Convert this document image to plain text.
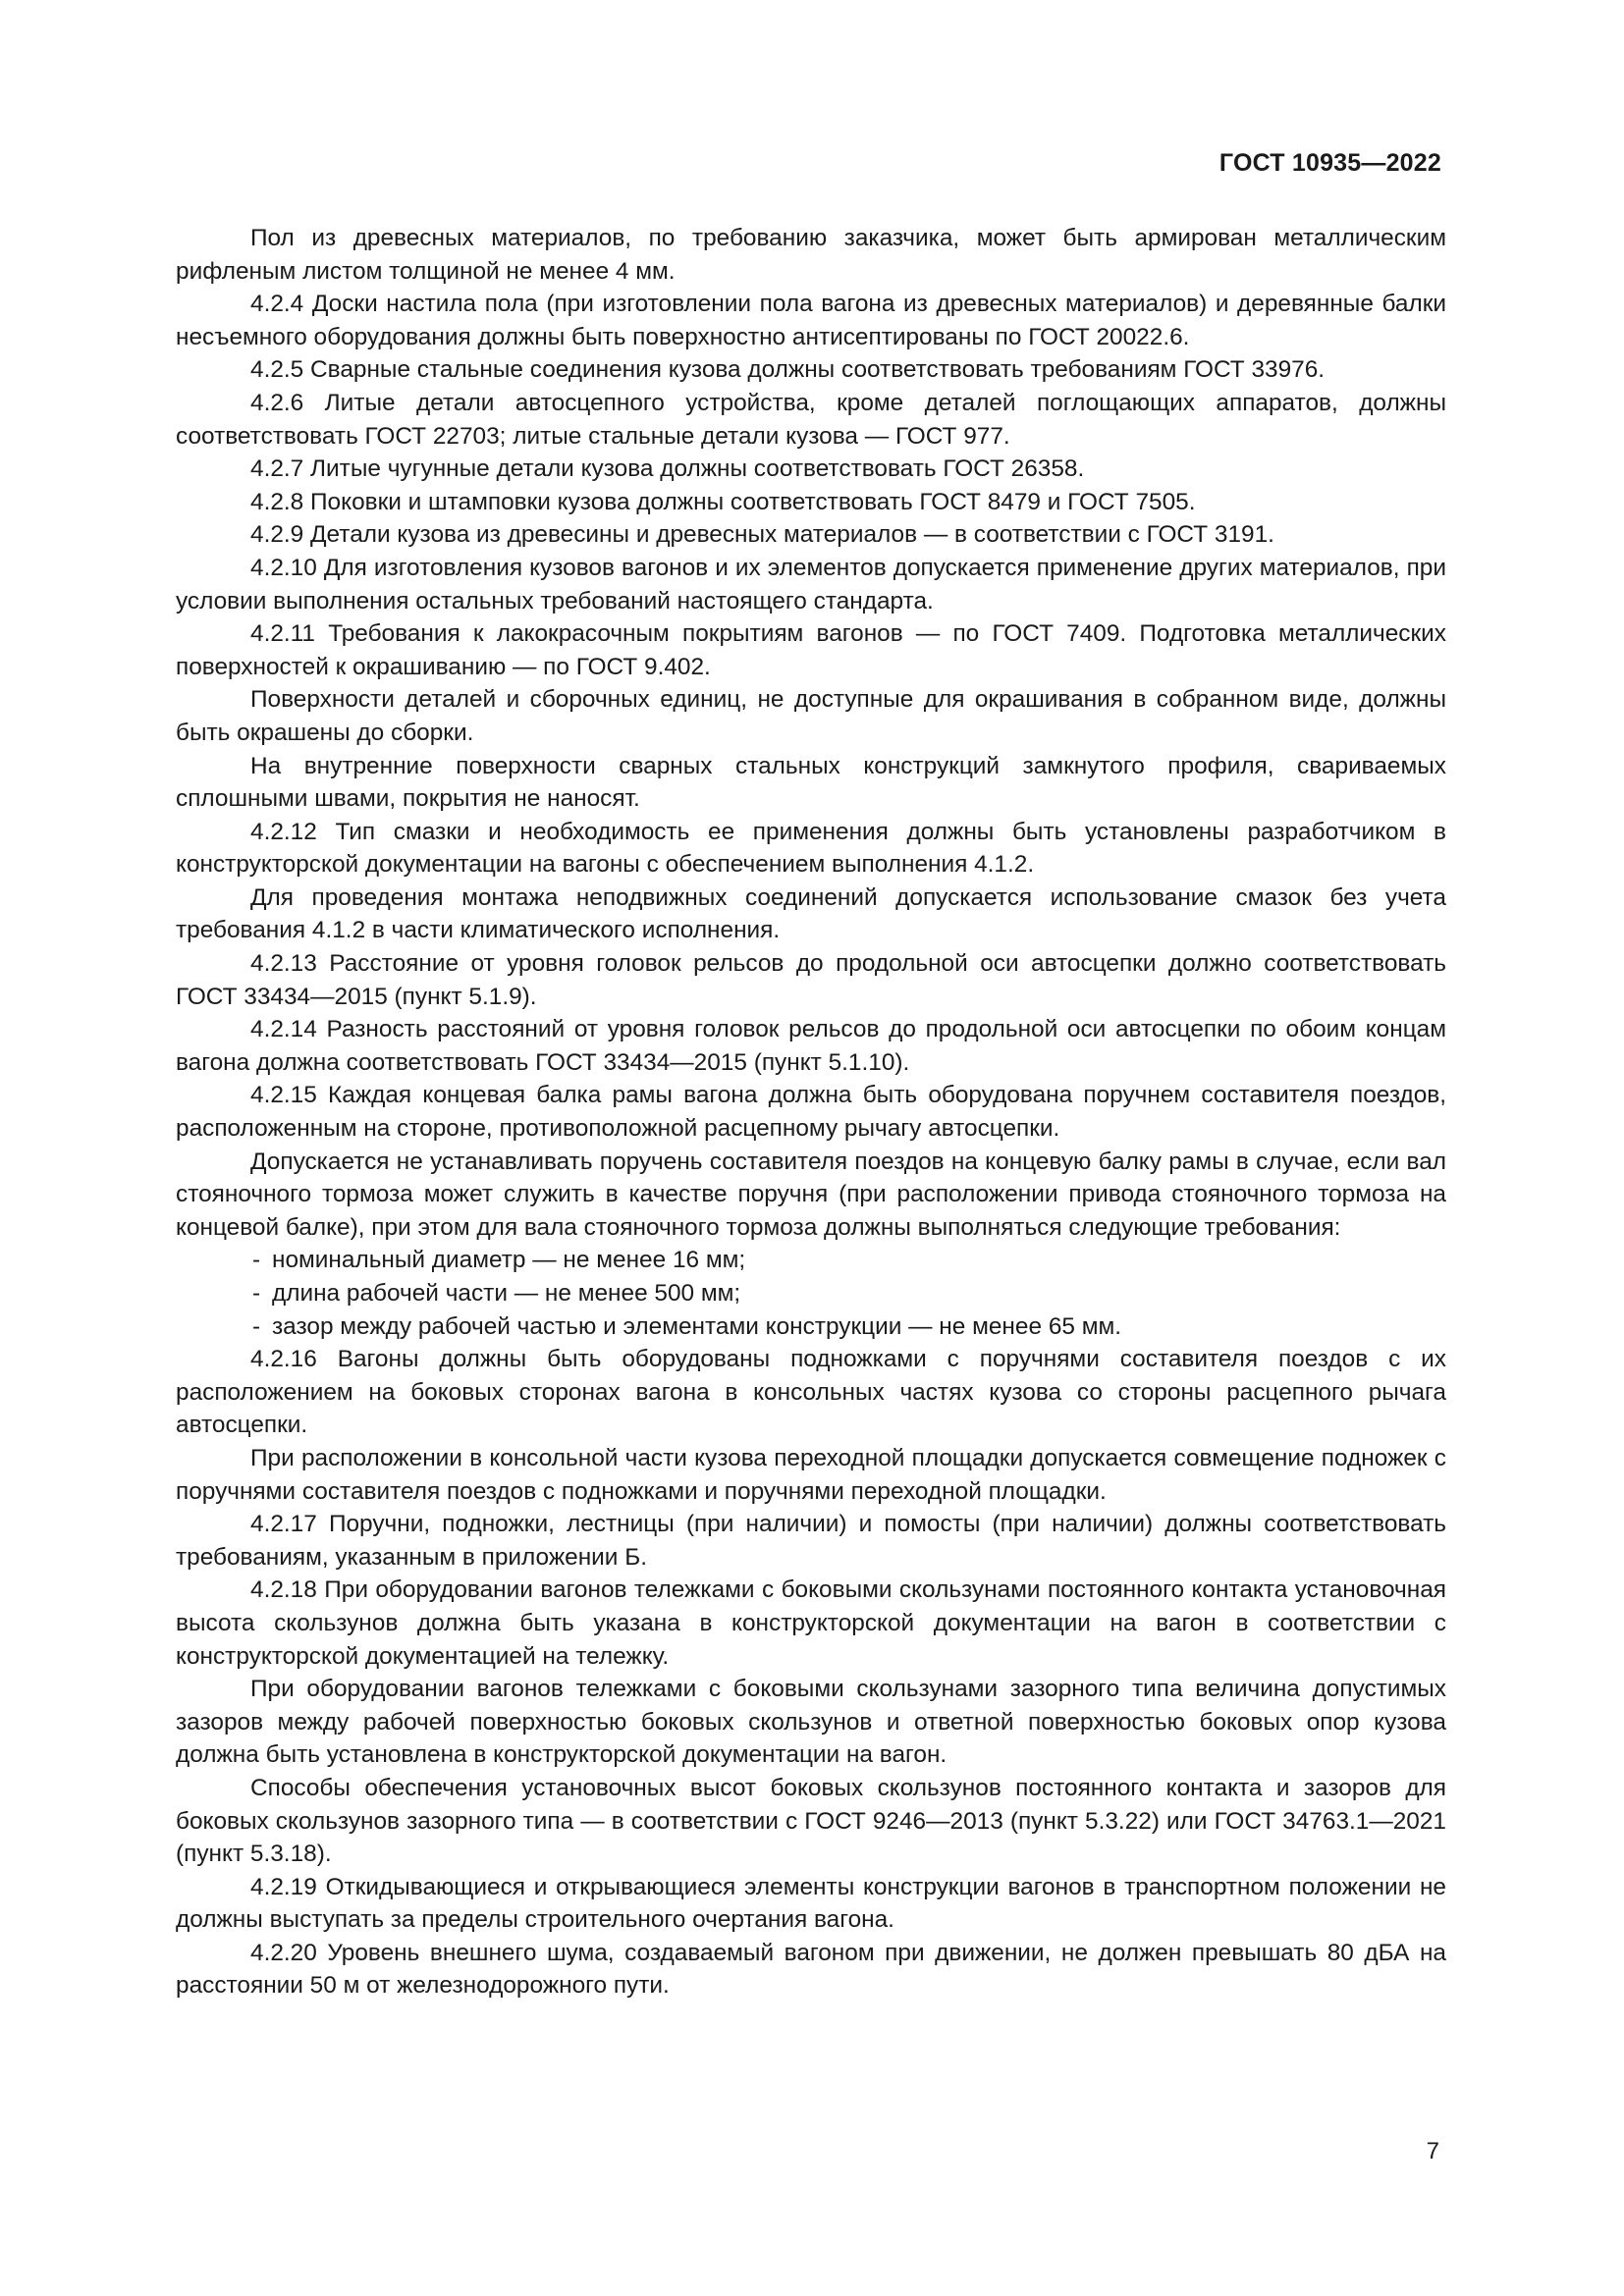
ГОСТ 10935—2022

Пол из древесных материалов, по требованию заказчика, может быть армирован металлическим рифленым листом толщиной не менее 4 мм.

4.2.4 Доски настила пола (при изготовлении пола вагона из древесных материалов) и деревянные балки несъемного оборудования должны быть поверхностно антисептированы по ГОСТ 20022.6.

4.2.5 Сварные стальные соединения кузова должны соответствовать требованиям ГОСТ 33976.

4.2.6 Литые детали автосцепного устройства, кроме деталей поглощающих аппаратов, должны соответствовать ГОСТ 22703; литые стальные детали кузова — ГОСТ 977.

4.2.7 Литые чугунные детали кузова должны соответствовать ГОСТ 26358.

4.2.8 Поковки и штамповки кузова должны соответствовать ГОСТ 8479 и ГОСТ 7505.

4.2.9 Детали кузова из древесины и древесных материалов — в соответствии с ГОСТ 3191.

4.2.10 Для изготовления кузовов вагонов и их элементов допускается применение других материалов, при условии выполнения остальных требований настоящего стандарта.

4.2.11 Требования к лакокрасочным покрытиям вагонов — по ГОСТ 7409. Подготовка металлических поверхностей к окрашиванию — по ГОСТ 9.402.

Поверхности деталей и сборочных единиц, не доступные для окрашивания в собранном виде, должны быть окрашены до сборки.

На внутренние поверхности сварных стальных конструкций замкнутого профиля, свариваемых сплошными швами, покрытия не наносят.

4.2.12 Тип смазки и необходимость ее применения должны быть установлены разработчиком в конструкторской документации на вагоны с обеспечением выполнения 4.1.2.

Для проведения монтажа неподвижных соединений допускается использование смазок без учета требования 4.1.2 в части климатического исполнения.

4.2.13 Расстояние от уровня головок рельсов до продольной оси автосцепки должно соответствовать ГОСТ 33434—2015 (пункт 5.1.9).

4.2.14 Разность расстояний от уровня головок рельсов до продольной оси автосцепки по обоим концам вагона должна соответствовать ГОСТ 33434—2015 (пункт 5.1.10).

4.2.15 Каждая концевая балка рамы вагона должна быть оборудована поручнем составителя поездов, расположенным на стороне, противоположной расцепному рычагу автосцепки.

Допускается не устанавливать поручень составителя поездов на концевую балку рамы в случае, если вал стояночного тормоза может служить в качестве поручня (при расположении привода стояночного тормоза на концевой балке), при этом для вала стояночного тормоза должны выполняться следующие требования:

- номинальный диаметр — не менее 16 мм;
- длина рабочей части — не менее 500 мм;
- зазор между рабочей частью и элементами конструкции — не менее 65 мм.

4.2.16 Вагоны должны быть оборудованы подножками с поручнями составителя поездов с их расположением на боковых сторонах вагона в консольных частях кузова со стороны расцепного рычага автосцепки.

При расположении в консольной части кузова переходной площадки допускается совмещение подножек с поручнями составителя поездов с подножками и поручнями переходной площадки.

4.2.17 Поручни, подножки, лестницы (при наличии) и помосты (при наличии) должны соответствовать требованиям, указанным в приложении Б.

4.2.18 При оборудовании вагонов тележками с боковыми скользунами постоянного контакта установочная высота скользунов должна быть указана в конструкторской документации на вагон в соответствии с конструкторской документацией на тележку.

При оборудовании вагонов тележками с боковыми скользунами зазорного типа величина допустимых зазоров между рабочей поверхностью боковых скользунов и ответной поверхностью боковых опор кузова должна быть установлена в конструкторской документации на вагон.

Способы обеспечения установочных высот боковых скользунов постоянного контакта и зазоров для боковых скользунов зазорного типа — в соответствии с ГОСТ 9246—2013 (пункт 5.3.22) или ГОСТ 34763.1—2021 (пункт 5.3.18).

4.2.19 Откидывающиеся и открывающиеся элементы конструкции вагонов в транспортном положении не должны выступать за пределы строительного очертания вагона.

4.2.20 Уровень внешнего шума, создаваемый вагоном при движении, не должен превышать 80 дБА на расстоянии 50 м от железнодорожного пути.

7
